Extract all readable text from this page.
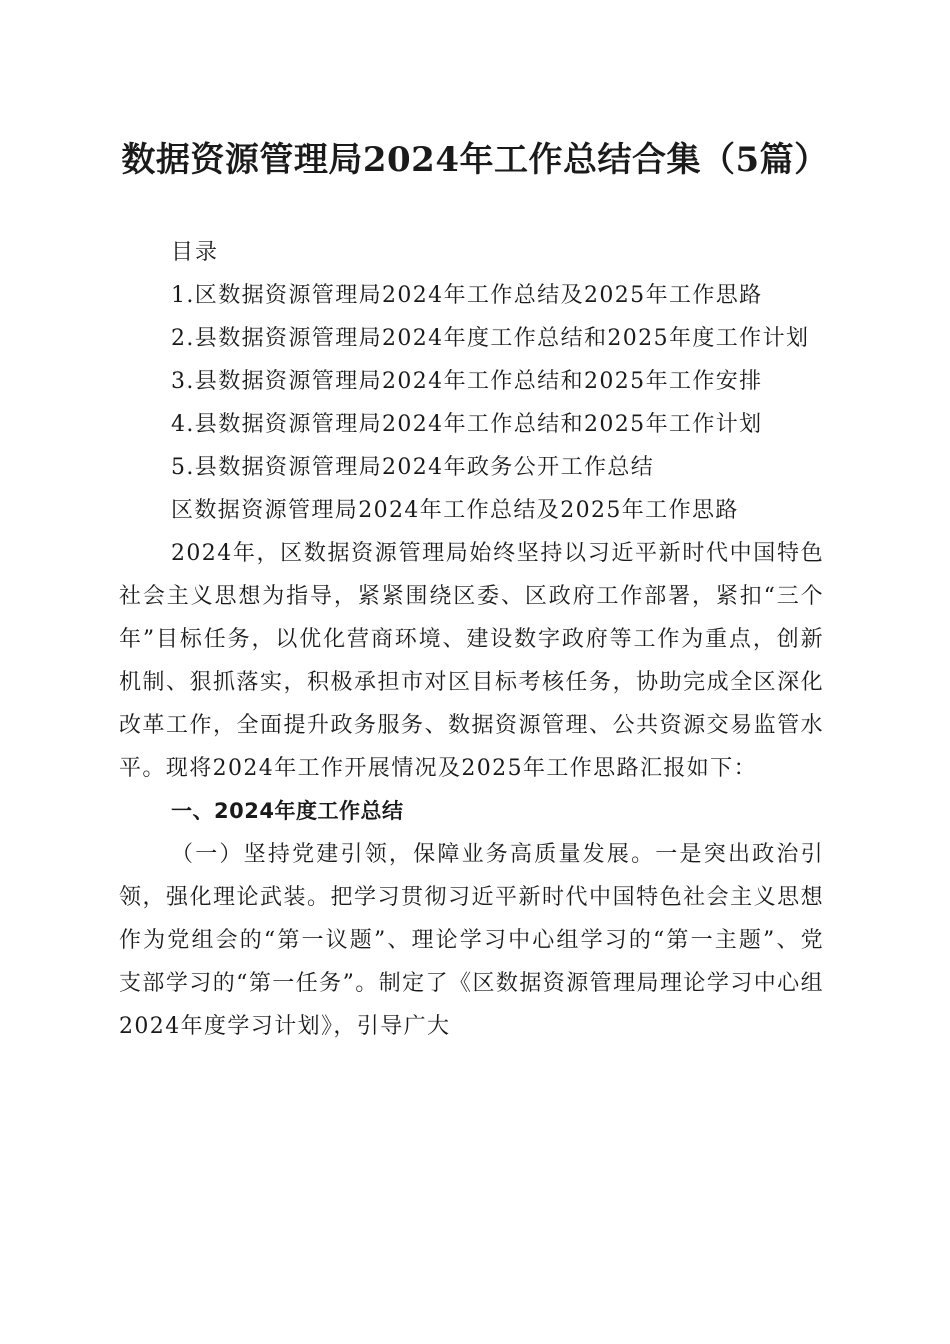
数据资源管理局2024年工作总结合集（5篇）

目录

1.区数据资源管理局2024年工作总结及2025年工作思路

2.县数据资源管理局2024年度工作总结和2025年度工作计划

3.县数据资源管理局2024年工作总结和2025年工作安排

4.县数据资源管理局2024年工作总结和2025年工作计划

5.县数据资源管理局2024年政务公开工作总结

区数据资源管理局2024年工作总结及2025年工作思路

2024年，区数据资源管理局始终坚持以习近平新时代中国特色社会主义思想为指导，紧紧围绕区委、区政府工作部署，紧扣“三个年”目标任务，以优化营商环境、建设数字政府等工作为重点，创新机制、狠抓落实，积极承担市对区目标考核任务，协助完成全区深化改革工作，全面提升政务服务、数据资源管理、公共资源交易监管水平。现将2024年工作开展情况及2025年工作思路汇报如下：

一、2024年度工作总结

（一）坚持党建引领，保障业务高质量发展。一是突出政治引领，强化理论武装。把学习贯彻习近平新时代中国特色社会主义思想作为党组会的“第一议题”、理论学习中心组学习的“第一主题”、党支部学习的“第一任务”。制定了《区数据资源管理局理论学习中心组2024年度学习计划》，引导广大
